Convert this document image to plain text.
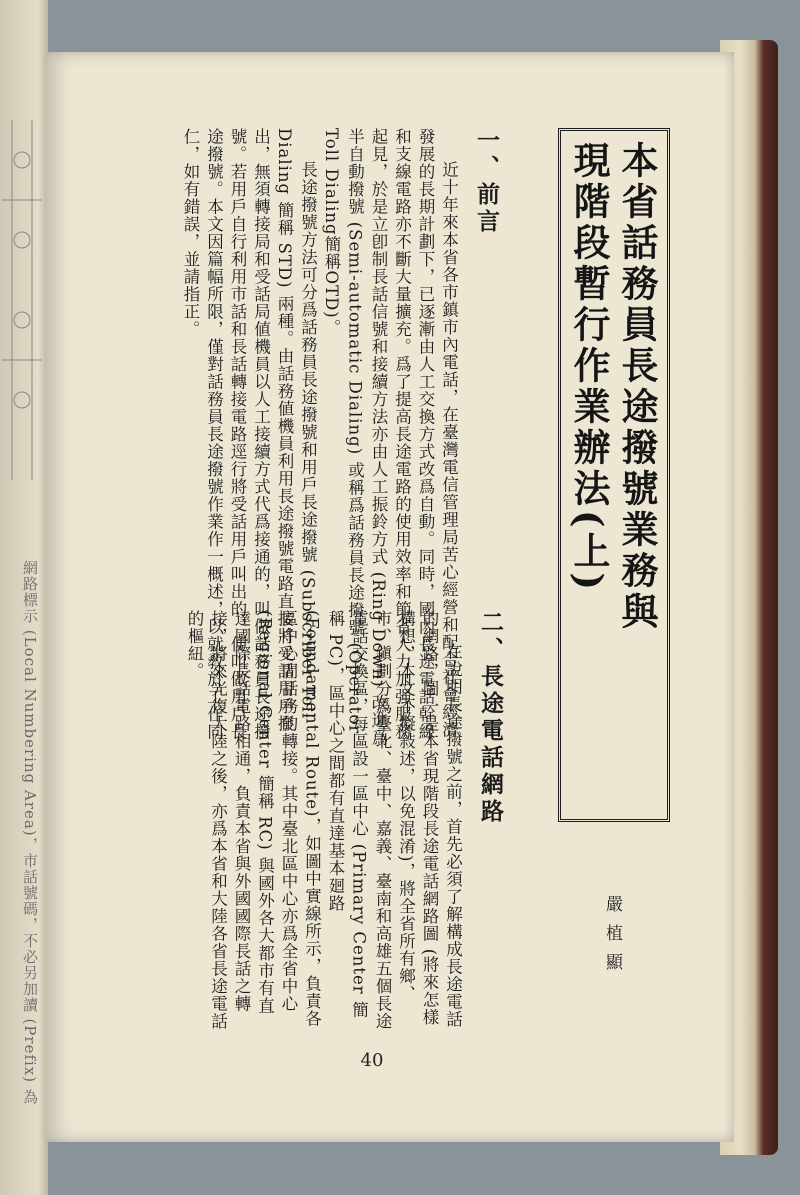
網路標示 (Local Numbering Area)，市話號碼，不必另加讀 (Prefix) 為
本省話務員長途撥號業務與
現階段暫行作業辦法(上)
嚴植顯
一、前言
近十年來本省各市鎮市內電話，在臺灣電信管理局苦心經營和配合社會經濟發展的長期計劃下，已逐漸由人工交換方式改爲自動。同時，國內長途電話幹線和支線電路亦不斷大量擴充。爲了提高長途電路的使用效率和節省人力加强服務起見，於是立卽制長話信號和接續方法亦由人工振鈴方式 (Ring Down) 改進爲半自動撥號 (Semi-automatic Dialing) 或稱爲話務員長途撥號 (Operator Toll Dialing簡稱OTD)。
長途撥號方法可分爲話務員長途撥號和用戶長途撥號 (Subscriber Toll Dialing 簡稱 STD) 兩種。由話務値機員利用長途撥號電路直接將受話用戶撥出，無須轉接局和受話局値機員以人工接續方式代爲接通的，叫做話務員長途撥號。若用戶自行利用市話和長話轉接電路逕行將受話用戶叫出的，便叫做用戶長途撥號。本文因篇幅所限，僅對話務員長途撥號作業作一概述，以就敎於工作同仁，如有錯誤，並請指正。
二、長途電話網路
在說明長途撥號之前，首先必須了解構成長途電話的網路，圖一是本省現階段長途電話網路圖 (將來怎樣構想，本文不擬敍述，以免混淆)，將全省所有鄉、市、鎭劃分爲臺北、臺中、嘉義、臺南和高雄五個長途電話交換區，每區設一區中心 (Primary Center 簡稱 PC)，區中心之間都有直達基本廻路 (Foundamental Route)，如圖中實線所示，負責各區中心間話務的轉接。其中臺北區中心亦爲全省中心 (Regional Center 簡稱 RC) 與國外各大都市有直達國際長話電路相通，負責本省與外國國際長話之轉接，將來光復大陸之後，亦爲本省和大陸各省長途電話的樞紐。
40
